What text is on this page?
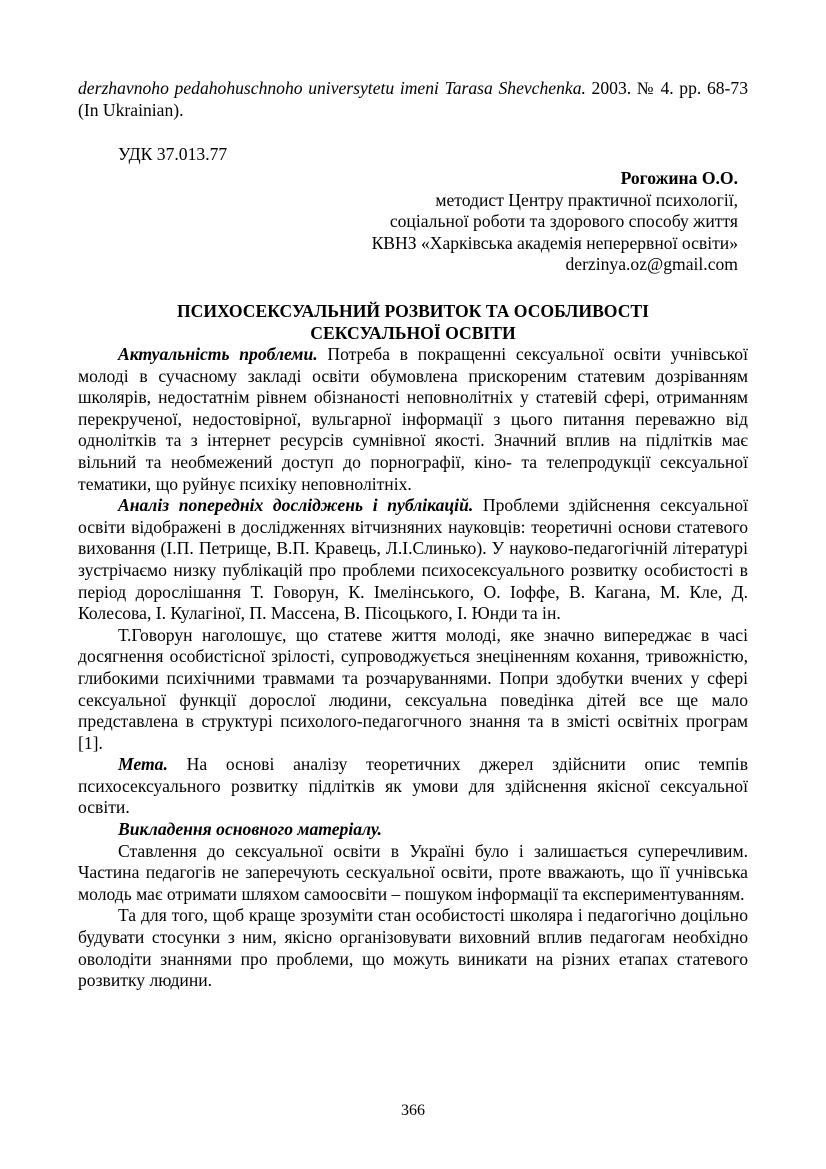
derzhavnoho pedahohuschnoho universytetu imeni Tarasa Shevchenka. 2003. № 4. pp. 68-73 (In Ukrainian).
УДК 37.013.77
Рогожина О.О.
методист Центру практичної психології,
соціальної роботи та здорового способу життя
КВНЗ «Харківська академія неперервної освіти»
derzinya.oz@gmail.com
ПСИХОСЕКСУАЛЬНИЙ РОЗВИТОК ТА ОСОБЛИВОСТІ
СЕКСУАЛЬНОЇ ОСВІТИ

Актуальність проблеми. Потреба в покращенні сексуальної освіти учнівської молоді в сучасному закладі освіти обумовлена прискореним статевим дозріванням школярів, недостатнім рівнем обізнаності неповнолітніх у статевій сфері, отриманням перекрученої, недостовірної, вульгарної інформації з цього питання переважно від однолітків та з інтернет ресурсів сумнівної якості. Значний вплив на підлітків має вільний та необмежений доступ до порнографії, кіно- та телепродукції сексуальної тематики, що руйнує психіку неповнолітніх.

Аналіз попередніх досліджень і публікацій. Проблеми здійснення сексуальної освіти відображені в дослідженнях вітчизняних науковців: теоретичні основи статевого виховання (І.П. Петрище, В.П. Кравець, Л.І.Слинько). У науково-педагогічній літературі зустрічаємо низку публікацій про проблеми психосексуального розвитку особистості в період дорослішання Т. Говорун, К. Імелінського, О. Іоффе, В. Кагана, М. Кле, Д. Колесова, І. Кулагіної, П. Массена, В. Пісоцького, І. Юнди та ін.

Т.Говорун наголошує, що статеве життя молоді, яке значно випереджає в часі досягнення особистісної зрілості, супроводжується знеціненням кохання, тривожністю, глибокими психічними травмами та розчаруваннями. Попри здобутки вчених у сфері сексуальної функції дорослої людини, сексуальна поведінка дітей все ще мало представлена в структурі психолого-педагогчного знання та в змісті освітніх програм [1].

Мета. На основі аналізу теоретичних джерел здійснити опис темпів психосексуального розвитку підлітків як умови для здійснення якісної сексуальної освіти.

Викладення основного матеріалу.

Ставлення до сексуальної освіти в Україні було і залишається суперечливим. Частина педагогів не заперечують сескуальної освіти, проте вважають, що її учнівська молодь має отримати шляхом самоосвіти – пошуком інформації та експериментуванням.

Та для того, щоб краще зрозуміти стан особистості школяра і педагогічно доцільно будувати стосунки з ним, якісно організовувати виховний вплив педагогам необхідно оволодіти знаннями про проблеми, що можуть виникати на різних етапах статевого розвитку людини.

366
